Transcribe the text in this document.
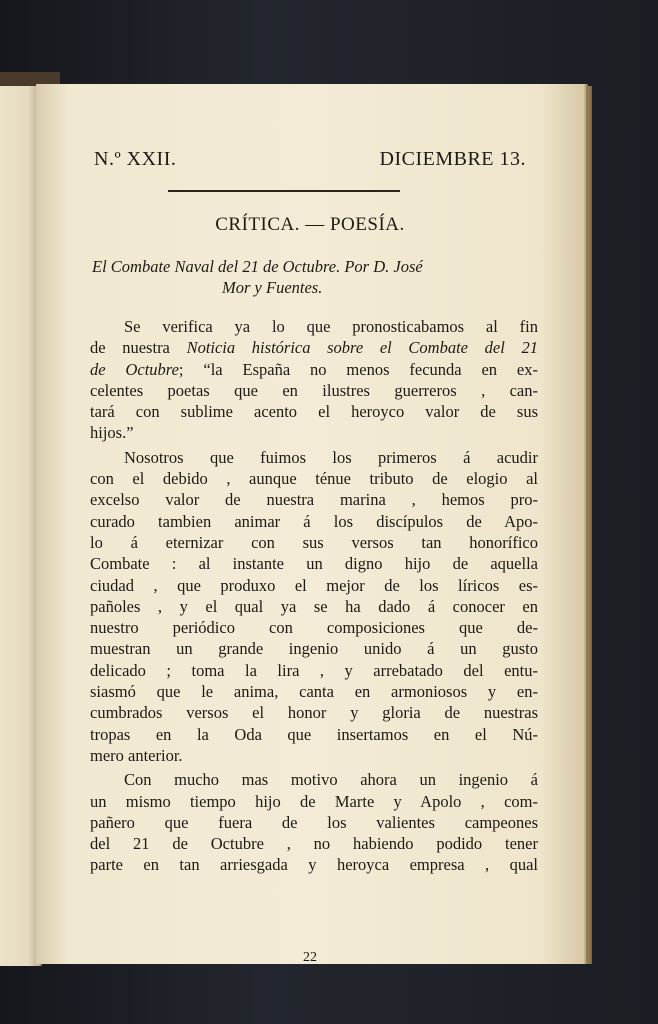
N.º XXII.	DICIEMBRE 13.
CRÍTICA. — POESÍA.
El Combate Naval del 21 de Octubre. Por D. José
Mor y Fuentes.
Se verifica ya lo que pronosticabamos al fin
de nuestra Noticia histórica sobre el Combate del 21
de Octubre; “la España no menos fecunda en ex-
celentes poetas que en ilustres guerreros , can-
tará con sublime acento el heroyco valor de sus
hijos.”
Nosotros que fuimos los primeros á acudir
con el debido , aunque ténue tributo de elogio al
excelso valor de nuestra marina , hemos pro-
curado tambien animar á los discípulos de Apo-
lo á eternizar con sus versos tan honorífico
Combate : al instante un digno hijo de aquella
ciudad , que produxo el mejor de los líricos es-
pañoles , y el qual ya se ha dado á conocer en
nuestro periódico con composiciones que de-
muestran un grande ingenio unido á un gusto
delicado ; toma la lira , y arrebatado del entu-
siasmó que le anima, canta en armoniosos y en-
cumbrados versos el honor y gloria de nuestras
tropas en la Oda que insertamos en el Nú-
mero anterior.
Con mucho mas motivo ahora un ingenio á
un mismo tiempo hijo de Marte y Apolo , com-
pañero que fuera de los valientes campeones
del 21 de Octubre , no habiendo podido tener
parte en tan arriesgada y heroyca empresa , qual
22
